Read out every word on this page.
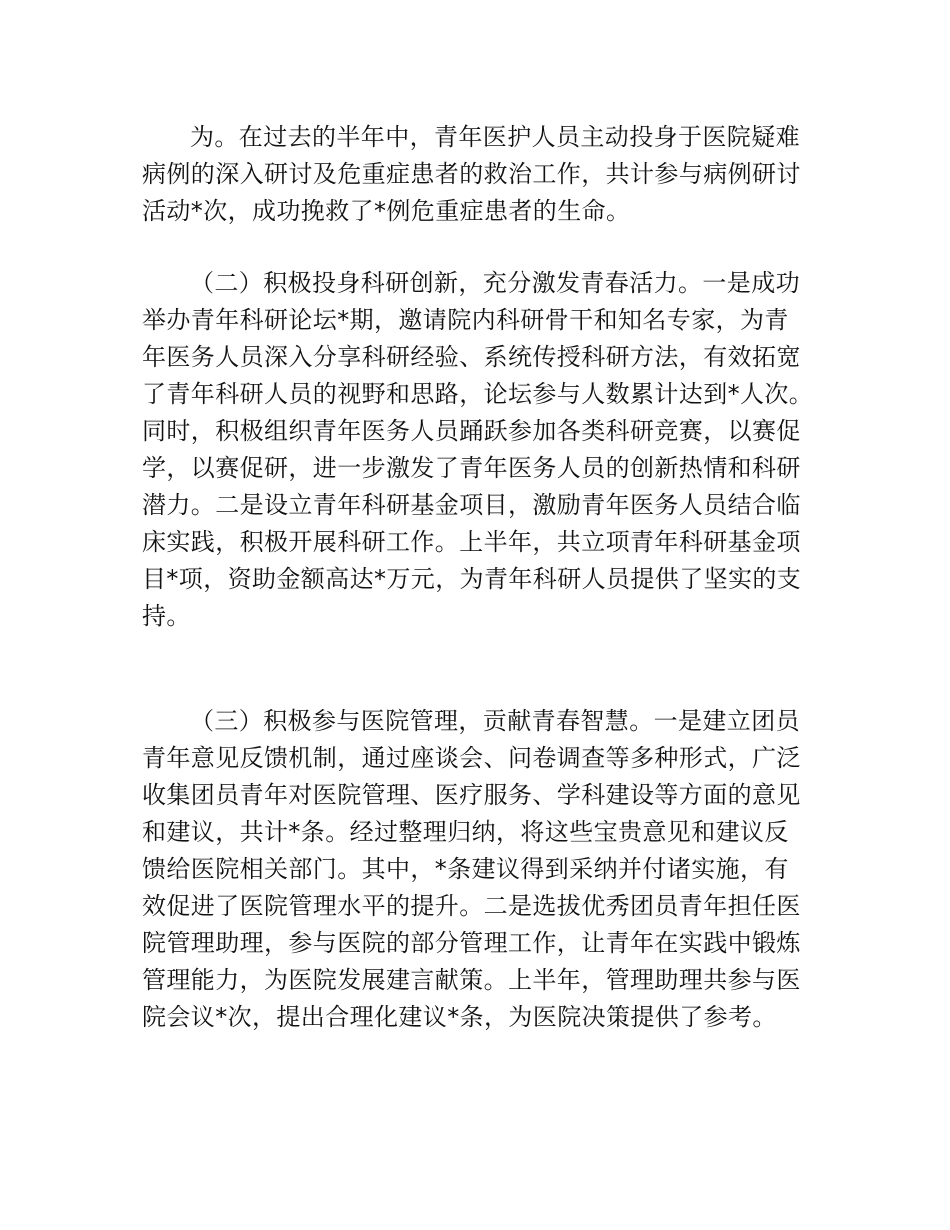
为。在过去的半年中，青年医护人员主动投身于医院疑难
病例的深入研讨及危重症患者的救治工作，共计参与病例研讨
活动*次，成功挽救了*例危重症患者的生命。
（二）积极投身科研创新，充分激发青春活力。一是成功
举办青年科研论坛*期，邀请院内科研骨干和知名专家，为青
年医务人员深入分享科研经验、系统传授科研方法，有效拓宽
了青年科研人员的视野和思路，论坛参与人数累计达到*人次。
同时，积极组织青年医务人员踊跃参加各类科研竞赛，以赛促
学，以赛促研，进一步激发了青年医务人员的创新热情和科研
潜力。二是设立青年科研基金项目，激励青年医务人员结合临
床实践，积极开展科研工作。上半年，共立项青年科研基金项
目*项，资助金额高达*万元，为青年科研人员提供了坚实的支
持。
（三）积极参与医院管理，贡献青春智慧。一是建立团员
青年意见反馈机制，通过座谈会、问卷调查等多种形式，广泛
收集团员青年对医院管理、医疗服务、学科建设等方面的意见
和建议，共计*条。经过整理归纳，将这些宝贵意见和建议反
馈给医院相关部门。其中，*条建议得到采纳并付诸实施，有
效促进了医院管理水平的提升。二是选拔优秀团员青年担任医
院管理助理，参与医院的部分管理工作，让青年在实践中锻炼
管理能力，为医院发展建言献策。上半年，管理助理共参与医
院会议*次，提出合理化建议*条，为医院决策提供了参考。
